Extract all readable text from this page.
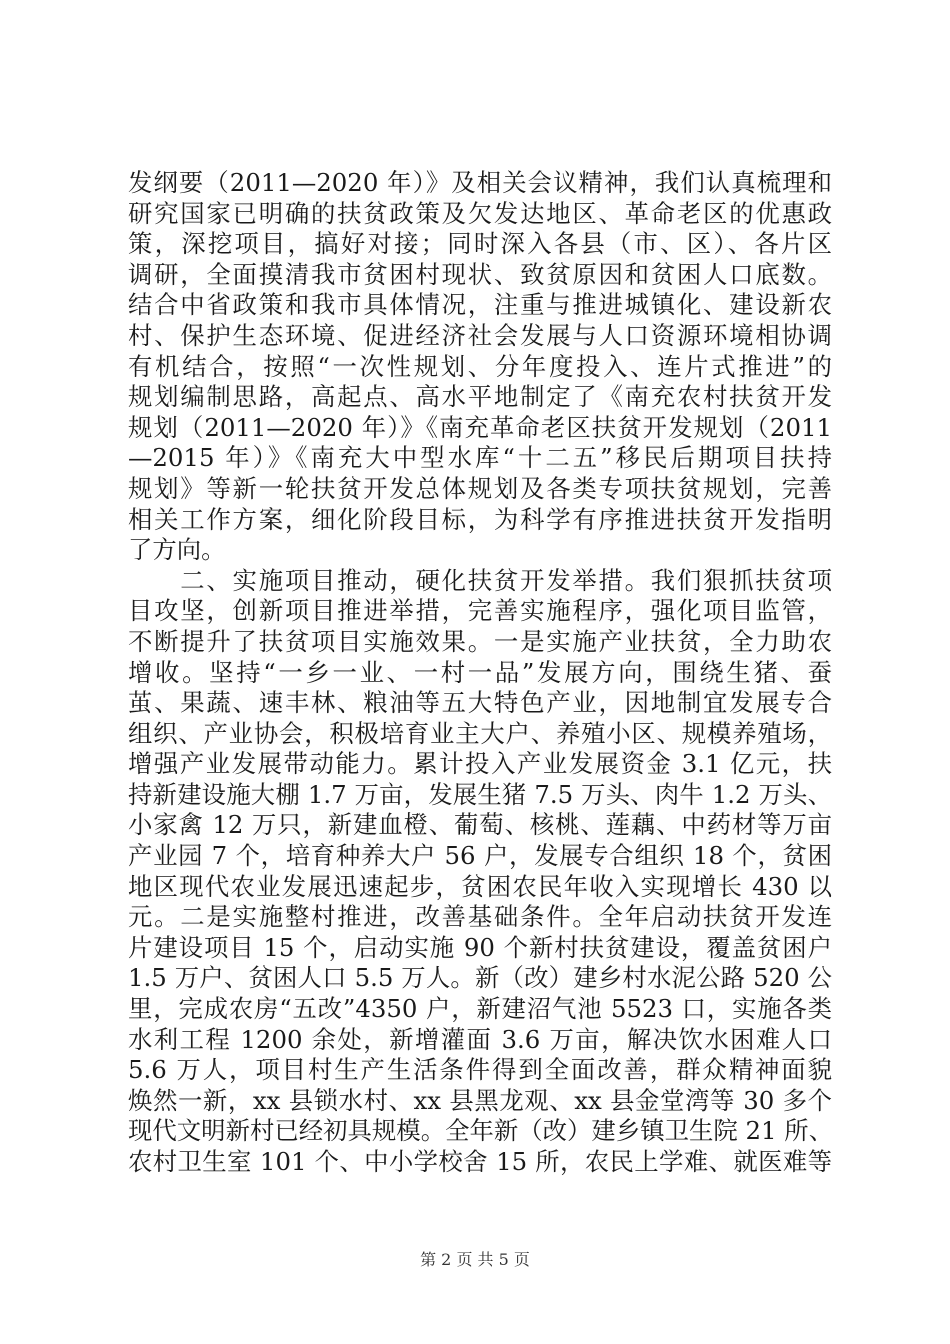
发纲要（2011—2020 年）》及相关会议精神，我们认真梳理和
研究国家已明确的扶贫政策及欠发达地区、革命老区的优惠政
策，深挖项目，搞好对接；同时深入各县（市、区）、各片区
调研，全面摸清我市贫困村现状、致贫原因和贫困人口底数。
结合中省政策和我市具体情况，注重与推进城镇化、建设新农
村、保护生态环境、促进经济社会发展与人口资源环境相协调
有机结合，按照“一次性规划、分年度投入、连片式推进”的
规划编制思路，高起点、高水平地制定了《南充农村扶贫开发
规划（2011—2020 年）》《南充革命老区扶贫开发规划（2011
—2015 年）》《南充大中型水库“十二五”移民后期项目扶持
规划》等新一轮扶贫开发总体规划及各类专项扶贫规划，完善
相关工作方案，细化阶段目标，为科学有序推进扶贫开发指明
了方向。
　　二、实施项目推动，硬化扶贫开发举措。我们狠抓扶贫项
目攻坚，创新项目推进举措，完善实施程序，强化项目监管，
不断提升了扶贫项目实施效果。一是实施产业扶贫，全力助农
增收。坚持“一乡一业、一村一品”发展方向，围绕生猪、蚕
茧、果蔬、速丰林、粮油等五大特色产业，因地制宜发展专合
组织、产业协会，积极培育业主大户、养殖小区、规模养殖场，
增强产业发展带动能力。累计投入产业发展资金 3.1 亿元，扶
持新建设施大棚 1.7 万亩，发展生猪 7.5 万头、肉牛 1.2 万头、
小家禽 12 万只，新建血橙、葡萄、核桃、莲藕、中药材等万亩
产业园 7 个，培育种养大户 56 户，发展专合组织 18 个，贫困
地区现代农业发展迅速起步，贫困农民年收入实现增长 430 以
元。二是实施整村推进，改善基础条件。全年启动扶贫开发连
片建设项目 15 个，启动实施 90 个新村扶贫建设，覆盖贫困户
1.5 万户、贫困人口 5.5 万人。新（改）建乡村水泥公路 520 公
里，完成农房“五改”4350 户，新建沼气池 5523 口，实施各类
水利工程 1200 余处，新增灌面 3.6 万亩，解决饮水困难人口
5.6 万人，项目村生产生活条件得到全面改善，群众精神面貌
焕然一新，xx 县锁水村、xx 县黑龙观、xx 县金堂湾等 30 多个
现代文明新村已经初具规模。全年新（改）建乡镇卫生院 21 所、
农村卫生室 101 个、中小学校舍 15 所，农民上学难、就医难等
第 2 页 共 5 页
